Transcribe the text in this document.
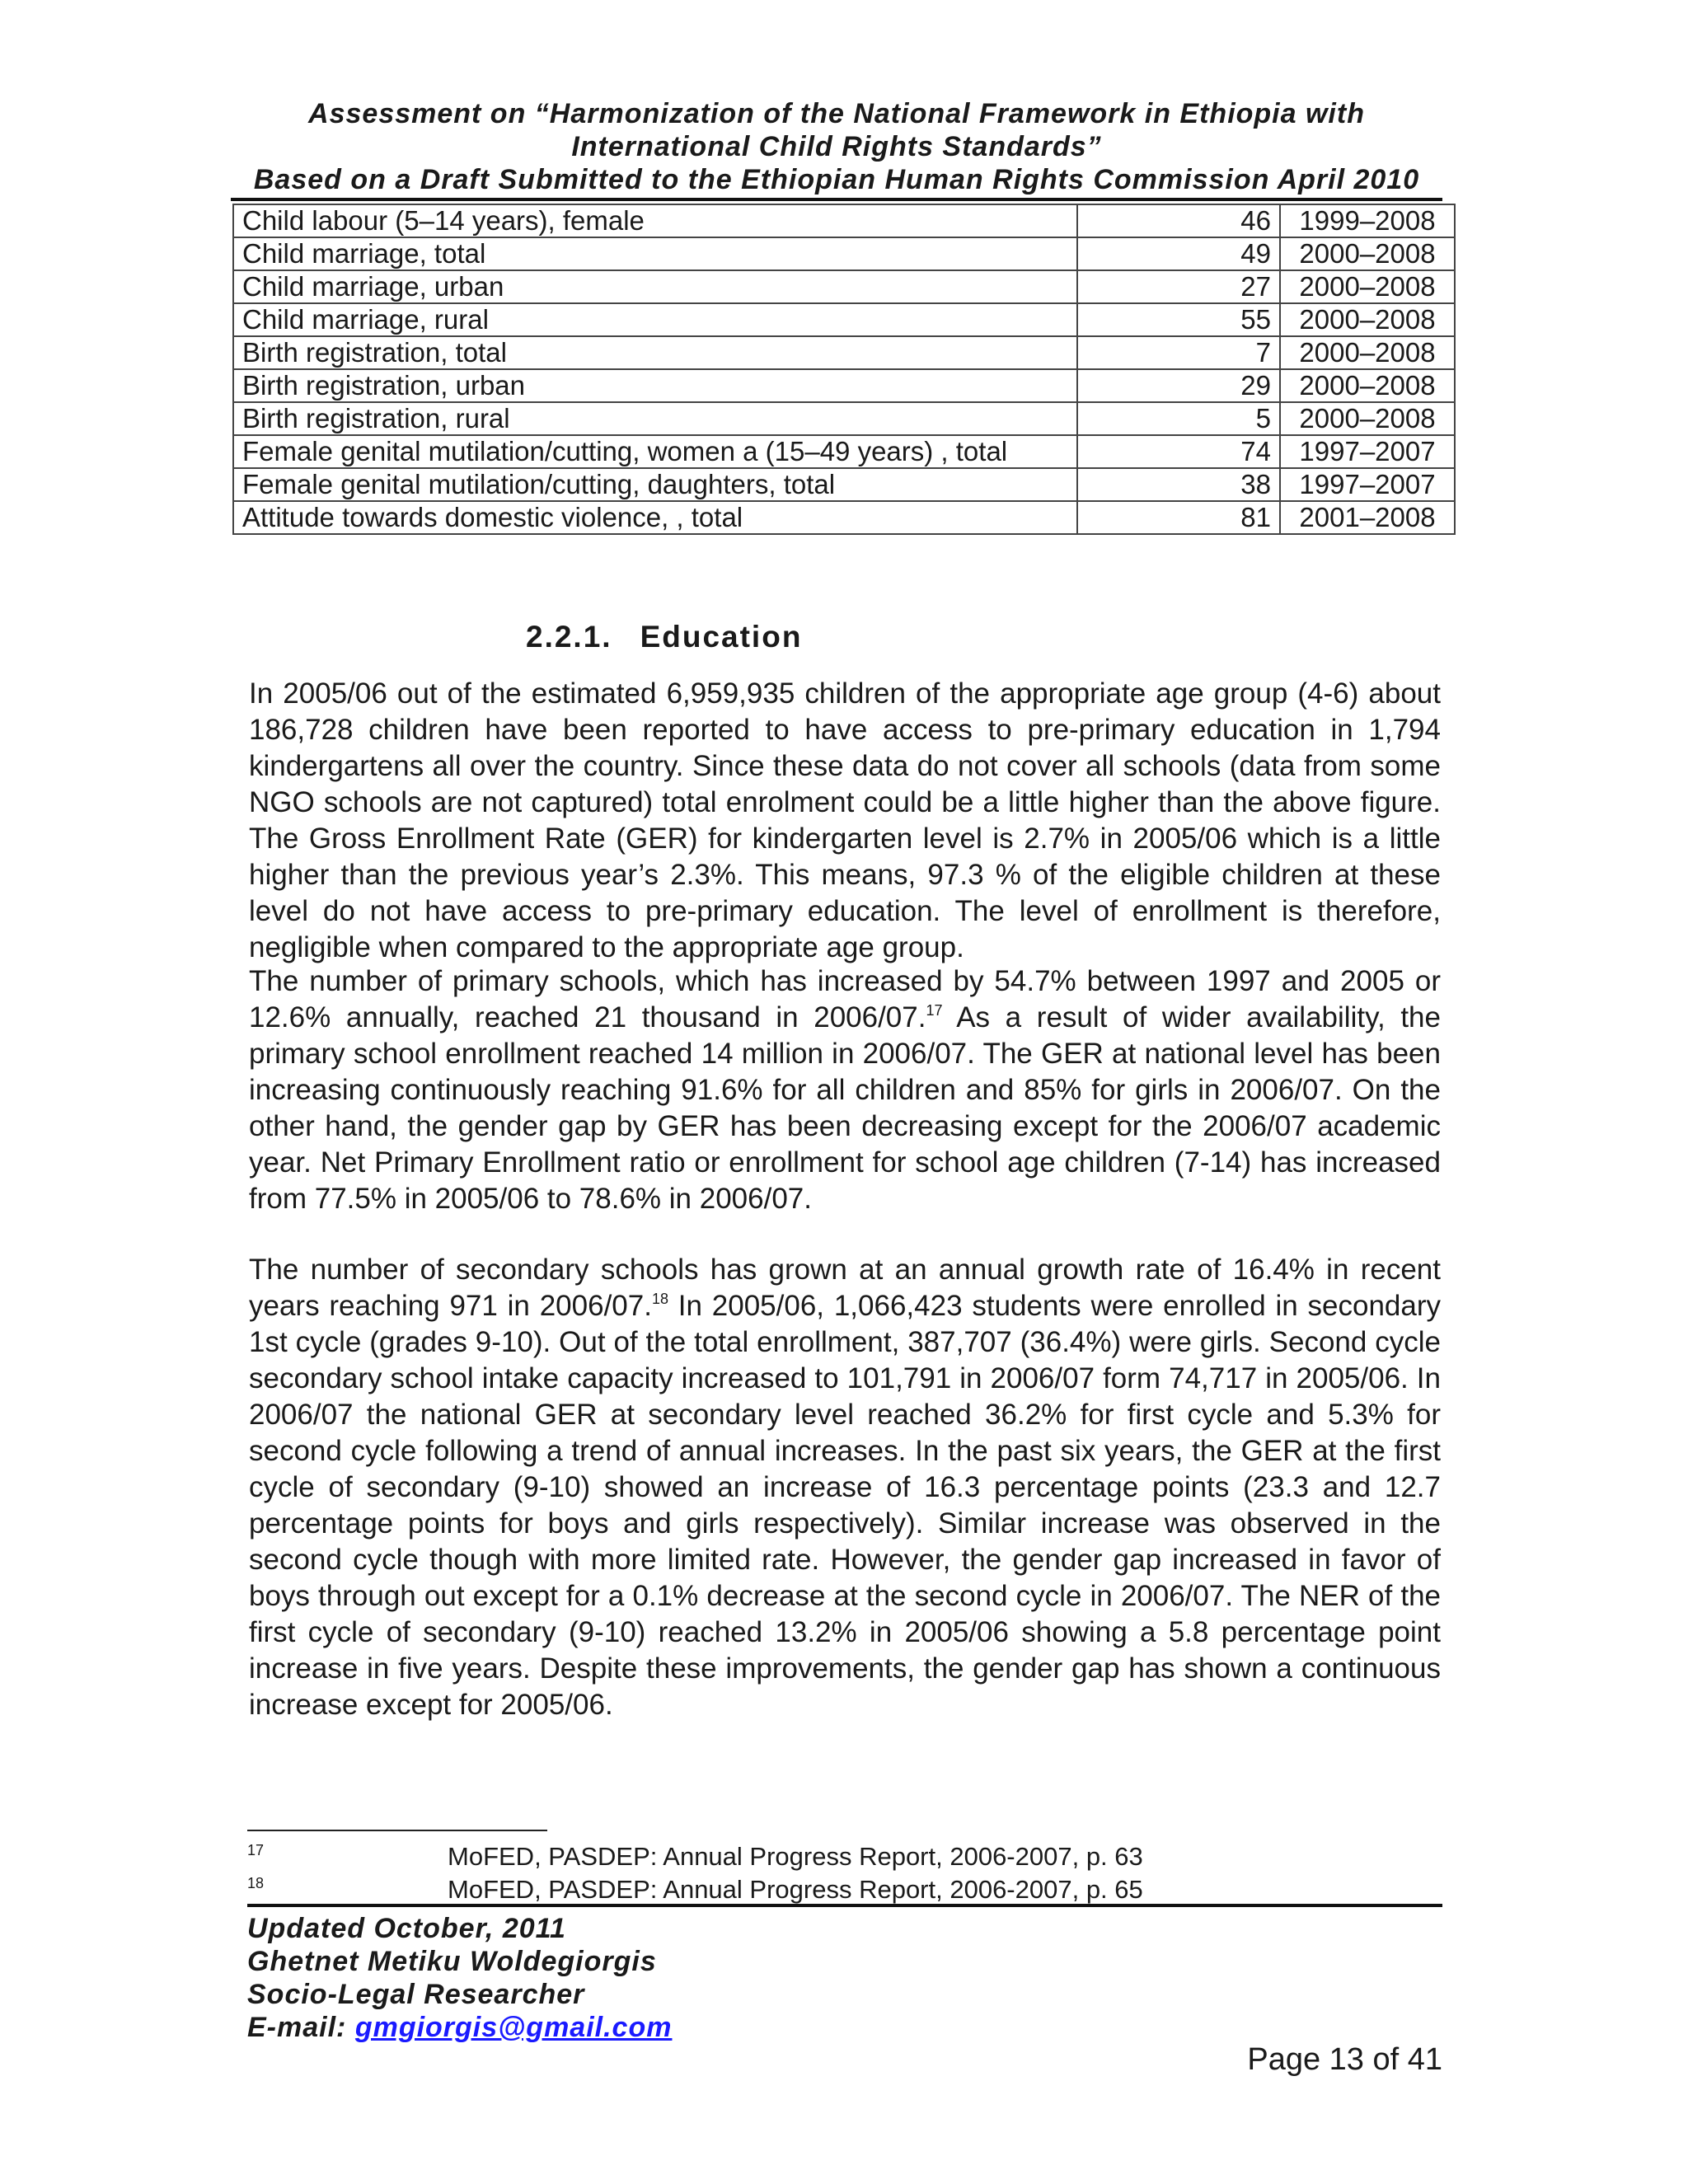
Assessment on “Harmonization of the National Framework in Ethiopia with
International Child Rights Standards”
Based on a Draft Submitted to the Ethiopian Human Rights Commission April 2010
Child labour (5–14 years), female	46	1999–2008
Child marriage, total	49	2000–2008
Child marriage, urban	27	2000–2008
Child marriage, rural	55	2000–2008
Birth registration, total	7	2000–2008
Birth registration, urban	29	2000–2008
Birth registration, rural	5	2000–2008
Female genital mutilation/cutting, women a (15–49 years) , total	74	1997–2007
Female genital mutilation/cutting, daughters, total	38	1997–2007
Attitude towards domestic violence, , total	81	2001–2008
2.2.1. Education

In 2005/06 out of the estimated 6,959,935 children of the appropriate age group (4-6) about 186,728 children have been reported to have access to pre-primary education in 1,794 kindergartens all over the country. Since these data do not cover all schools (data from some NGO schools are not captured) total enrolment could be a little higher than the above figure. The Gross Enrollment Rate (GER) for kindergarten level is 2.7% in 2005/06 which is a little higher than the previous year’s 2.3%. This means, 97.3 % of the eligible children at these level do not have access to pre-primary education. The level of enrollment is therefore, negligible when compared to the appropriate age group.

The number of primary schools, which has increased by 54.7% between 1997 and 2005 or 12.6% annually, reached 21 thousand in 2006/07.17 As a result of wider availability, the primary school enrollment reached 14 million in 2006/07. The GER at national level has been increasing continuously reaching 91.6% for all children and 85% for girls in 2006/07. On the other hand, the gender gap by GER has been decreasing except for the 2006/07 academic year. Net Primary Enrollment ratio or enrollment for school age children (7-14) has increased from 77.5% in 2005/06 to 78.6% in 2006/07.

The number of secondary schools has grown at an annual growth rate of 16.4% in recent years reaching 971 in 2006/07.18 In 2005/06, 1,066,423 students were enrolled in secondary 1st cycle (grades 9-10). Out of the total enrollment, 387,707 (36.4%) were girls. Second cycle secondary school intake capacity increased to 101,791 in 2006/07 form 74,717 in 2005/06. In 2006/07 the national GER at secondary level reached 36.2% for first cycle and 5.3% for second cycle following a trend of annual increases. In the past six years, the GER at the first cycle of secondary (9-10) showed an increase of 16.3 percentage points (23.3 and 12.7 percentage points for boys and girls respectively). Similar increase was observed in the second cycle though with more limited rate. However, the gender gap increased in favor of boys through out except for a 0.1% decrease at the second cycle in 2006/07. The NER of the first cycle of secondary (9-10) reached 13.2% in 2005/06 showing a 5.8 percentage point increase in five years. Despite these improvements, the gender gap has shown a continuous increase except for 2005/06.

17	MoFED, PASDEP: Annual Progress Report, 2006-2007, p. 63
18	MoFED, PASDEP: Annual Progress Report, 2006-2007, p. 65
Updated October, 2011
Ghetnet Metiku Woldegiorgis
Socio-Legal Researcher
E-mail: gmgiorgis@gmail.com
Page 13 of 41
